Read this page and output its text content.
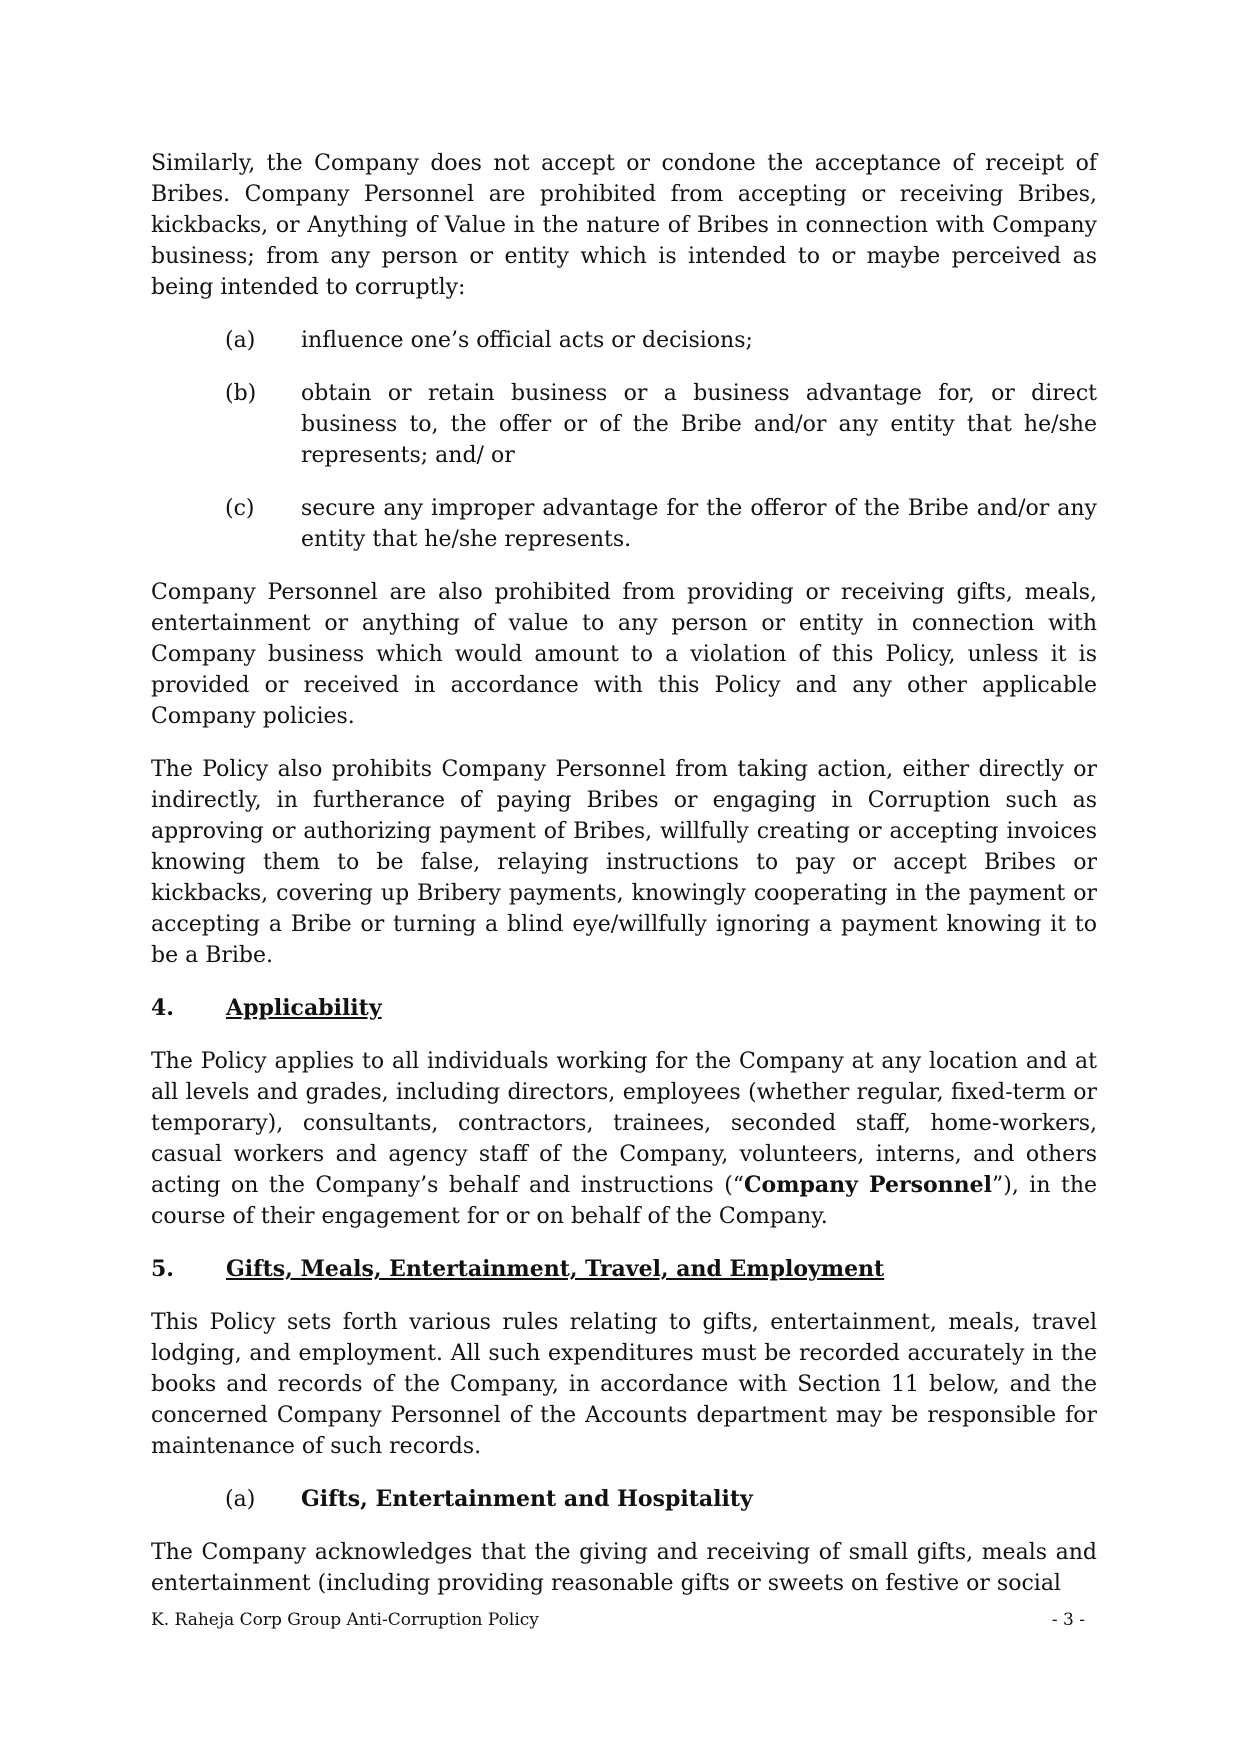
Similarly, the Company does not accept or condone the acceptance of receipt of Bribes. Company Personnel are prohibited from accepting or receiving Bribes, kickbacks, or Anything of Value in the nature of Bribes in connection with Company business; from any person or entity which is intended to or maybe perceived as being intended to corruptly:

(a)	influence one’s official acts or decisions;
(b)	obtain or retain business or a business advantage for, or direct business to, the offer or of the Bribe and/or any entity that he/she represents; and/ or
(c)	secure any improper advantage for the offeror of the Bribe and/or any entity that he/she represents.

Company Personnel are also prohibited from providing or receiving gifts, meals, entertainment or anything of value to any person or entity in connection with Company business which would amount to a violation of this Policy, unless it is provided or received in accordance with this Policy and any other applicable Company policies.

The Policy also prohibits Company Personnel from taking action, either directly or indirectly, in furtherance of paying Bribes or engaging in Corruption such as approving or authorizing payment of Bribes, willfully creating or accepting invoices knowing them to be false, relaying instructions to pay or accept Bribes or kickbacks, covering up Bribery payments, knowingly cooperating in the payment or accepting a Bribe or turning a blind eye/willfully ignoring a payment knowing it to be a Bribe.

4.	Applicability

The Policy applies to all individuals working for the Company at any location and at all levels and grades, including directors, employees (whether regular, fixed-term or temporary), consultants, contractors, trainees, seconded staff, home-workers, casual workers and agency staff of the Company, volunteers, interns, and others acting on the Company’s behalf and instructions (“Company Personnel”), in the course of their engagement for or on behalf of the Company.

5.	Gifts, Meals, Entertainment, Travel, and Employment

This Policy sets forth various rules relating to gifts, entertainment, meals, travel lodging, and employment. All such expenditures must be recorded accurately in the books and records of the Company, in accordance with Section 11 below, and the concerned Company Personnel of the Accounts department may be responsible for maintenance of such records.

(a)	Gifts, Entertainment and Hospitality

The Company acknowledges that the giving and receiving of small gifts, meals and entertainment (including providing reasonable gifts or sweets on festive or social

K. Raheja Corp Group Anti-Corruption Policy	- 3 -
